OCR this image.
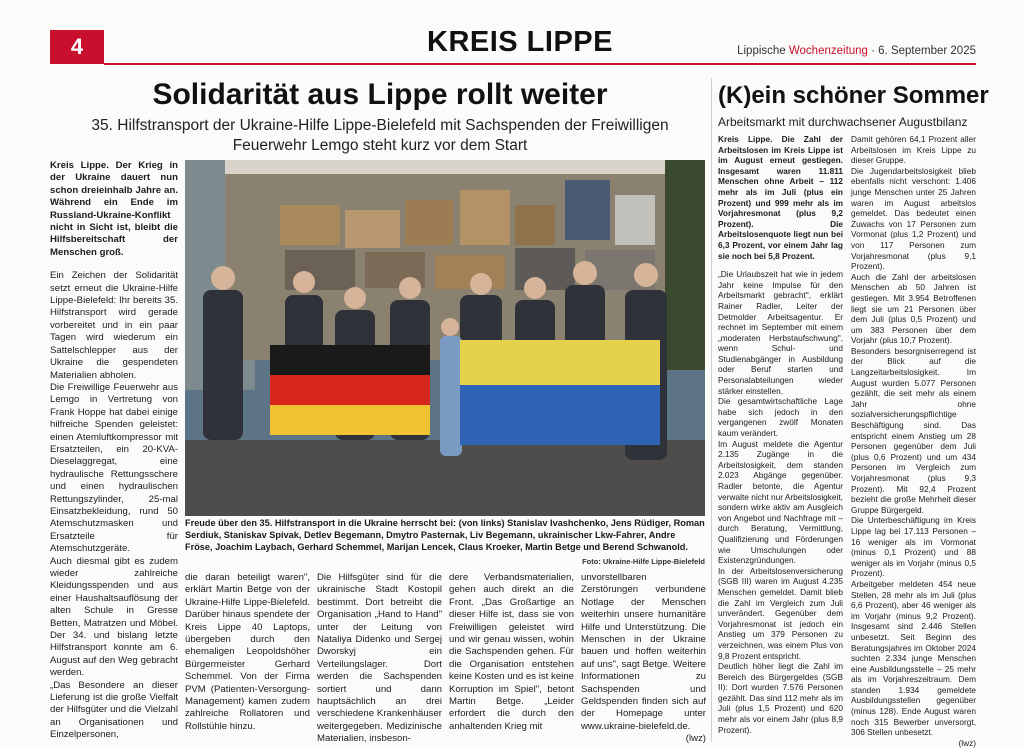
4	KREIS LIPPE	Lippische Wochenzeitung · 6. September 2025
Solidarität aus Lippe rollt weiter
35. Hilfstransport der Ukraine-Hilfe Lippe-Bielefeld mit Sachspenden der Freiwilligen Feuerwehr Lemgo steht kurz vor dem Start

Kreis Lippe. Der Krieg in der Ukraine dauert nun schon dreieinhalb Jahre an. Während ein Ende im Russland-Ukraine-Konflikt nicht in Sicht ist, bleibt die Hilfsbereitschaft der Menschen groß.

Ein Zeichen der Solidarität setzt erneut die Ukraine-Hilfe Lippe-Bielefeld: Ihr bereits 35. Hilfstransport wird gerade vorbereitet und in ein paar Tagen wird wiederum ein Sattelschlepper aus der Ukraine die gespendeten Materialien abholen.

Die Freiwillige Feuerwehr aus Lemgo in Vertretung von Frank Hoppe hat dabei einige hilfreiche Spenden geleistet: einen Atemluftkompressor mit Ersatzteilen, ein 20-KVA-Dieselaggregat, eine hydraulische Rettungsschere und einen hydraulischen Rettungszylinder, 25-mal Einsatzbekleidung, rund 50 Atemschutzmasken und Ersatzteile für Atemschutzgeräte.

Auch diesmal gibt es zudem wieder zahlreiche Kleidungsspenden und aus einer Haushaltsauflösung der alten Schule in Gresse Betten, Matratzen und Möbel. Der 34. und bislang letzte Hilfstransport konnte am 6. August auf den Weg gebracht werden.

„Das Besondere an dieser Lieferung ist die große Vielfalt der Hilfsgüter und die Vielzahl an Organisationen und Einzelpersonen,

Freude über den 35. Hilfstransport in die Ukraine herrscht bei: (von links) Stanislav Ivashchenko, Jens Rüdiger, Roman Serdiuk, Staniskav Spivak, Detlev Begemann, Dmytro Pasternak, Liv Begemann, ukrainischer Lkw-Fahrer, Andre Fröse, Joachim Laybach, Gerhard Schemmel, Marijan Lencek, Claus Kroeker, Martin Betge und Berend Schwanold.
Foto: Ukraine-Hilfe Lippe-Bielefeld

die daran beteiligt waren", erklärt Martin Betge von der Ukraine-Hilfe Lippe-Bielefeld. Darüber hinaus spendete der Kreis Lippe 40 Laptops, übergeben durch den ehemaligen Leopoldshöher Bürgermeister Gerhard Schemmel. Von der Firma PVM (Patienten-Versorgung-Management) kamen zudem zahlreiche Rollatoren und Rollstühle hinzu.

Die Hilfsgüter sind für die ukrainische Stadt Kostopil bestimmt. Dort betreibt die Organisation „Hand to Hand" unter der Leitung von Nataliya Didenko und Sergej Dworskyj ein Verteilungslager. Dort werden die Sachspenden sortiert und dann hauptsächlich an drei verschiedene Krankenhäuser weitergegeben. Medizinische Materialien, insbeson-

dere Verbandsmaterialien, gehen auch direkt an die Front. „Das Großartige an dieser Hilfe ist, dass sie von Freiwilligen geleistet wird und wir genau wissen, wohin die Sachspenden gehen. Für die Organisation entstehen keine Kosten und es ist keine Korruption im Spiel", betont Martin Betge. „Leider erfordert die durch den anhaltenden Krieg mit

unvorstellbaren Zerstörungen verbundene Notlage der Menschen weiterhin unsere humanitäre Hilfe und Unterstützung. Die Menschen in der Ukraine bauen und hoffen weiterhin auf uns", sagt Betge. Weitere Informationen zu Sachspenden und Geldspenden finden sich auf der Homepage unter www.ukraine-bielefeld.de.

(lwz)

(K)ein schöner Sommer
Arbeitsmarkt mit durchwachsener Augustbilanz

Kreis Lippe. Die Zahl der Arbeitslosen im Kreis Lippe ist im August erneut gestiegen. Insgesamt waren 11.811 Menschen ohne Arbeit – 112 mehr als im Juli (plus ein Prozent) und 999 mehr als im Vorjahresmonat (plus 9,2 Prozent). Die Arbeitslosenquote liegt nun bei 6,3 Prozent, vor einem Jahr lag sie noch bei 5,8 Prozent.

„Die Urlaubszeit hat wie in jedem Jahr keine Impulse für den Arbeitsmarkt gebracht", erklärt Rainer Radler, Leiter der Detmolder Arbeitsagentur. Er rechnet im September mit einem „moderaten Herbstaufschwung", wenn Schul- und Studienabgänger in Ausbildung oder Beruf starten und Personalabteilungen wieder stärker einstellen.

Die gesamtwirtschaftliche Lage habe sich jedoch in den vergangenen zwölf Monaten kaum verändert.

Im August meldete die Agentur 2.135 Zugänge in die Arbeitslosigkeit, dem standen 2.023 Abgänge gegenüber. Radler betonte, die Agentur verwalte nicht nur Arbeitslosigkeit, sondern wirke aktiv am Ausgleich von Angebot und Nachfrage mit – durch Beratung, Vermittlung, Qualifizierung und Förderungen wie Umschulungen oder Existenzgründungen.

In der Arbeitslosenversicherung (SGB III) waren im August 4.235 Menschen gemeldet. Damit blieb die Zahl im Vergleich zum Juli unverändert. Gegenüber dem Vorjahresmonat ist jedoch ein Anstieg um 379 Personen zu verzeichnen, was einem Plus von 9,8 Prozent entspricht.

Deutlich höher liegt die Zahl im Bereich des Bürgergeldes (SGB II): Dort wurden 7.576 Personen gezählt. Das sind 112 mehr als im Juli (plus 1,5 Prozent) und 620 mehr als vor einem Jahr (plus 8,9 Prozent).

Damit gehören 64,1 Prozent aller Arbeitslosen im Kreis Lippe zu dieser Gruppe.

Die Jugendarbeitslosigkeit blieb ebenfalls nicht verschont: 1.406 junge Menschen unter 25 Jahren waren im August arbeitslos gemeldet. Das bedeutet einen Zuwachs von 17 Personen zum Vormonat (plus 1,2 Prozent) und von 117 Personen zum Vorjahresmonat (plus 9,1 Prozent).

Auch die Zahl der arbeitslosen Menschen ab 50 Jahren ist gestiegen. Mit 3.954 Betroffenen liegt sie um 21 Personen über dem Juli (plus 0,5 Prozent) und um 383 Personen über dem Vorjahr (plus 10,7 Prozent).

Besonders besorgniserregend ist der Blick auf die Langzeitarbeitslosigkeit. Im August wurden 5.077 Personen gezählt, die seit mehr als einem Jahr ohne sozialversicherungspflichtige Beschäftigung sind. Das entspricht einem Anstieg um 28 Personen gegenüber dem Juli (plus 0,6 Prozent) und um 434 Personen im Vergleich zum Vorjahresmonat (plus 9,3 Prozent). Mit 92,4 Prozent bezieht die große Mehrheit dieser Gruppe Bürgergeld.

Die Unterbeschäftigung im Kreis Lippe lag bei 17.113 Personen – 16 weniger als im Vormonat (minus 0,1 Prozent) und 88 weniger als im Vorjahr (minus 0,5 Prozent).

Arbeitgeber meldeten 454 neue Stellen, 28 mehr als im Juli (plus 6,6 Prozent), aber 46 weniger als im Vorjahr (minus 9,2 Prozent). Insgesamt sind 2.446 Stellen unbesetzt. Seit Beginn des Beratungsjahres im Oktober 2024 suchten 2.334 junge Menschen eine Ausbildungsstelle – 25 mehr als im Vorjahreszeitraum. Dem standen 1.934 gemeldete Ausbildungsstellen gegenüber (minus 128). Ende August waren noch 315 Bewerber unversorgt, 306 Stellen unbesetzt.

(lwz)
